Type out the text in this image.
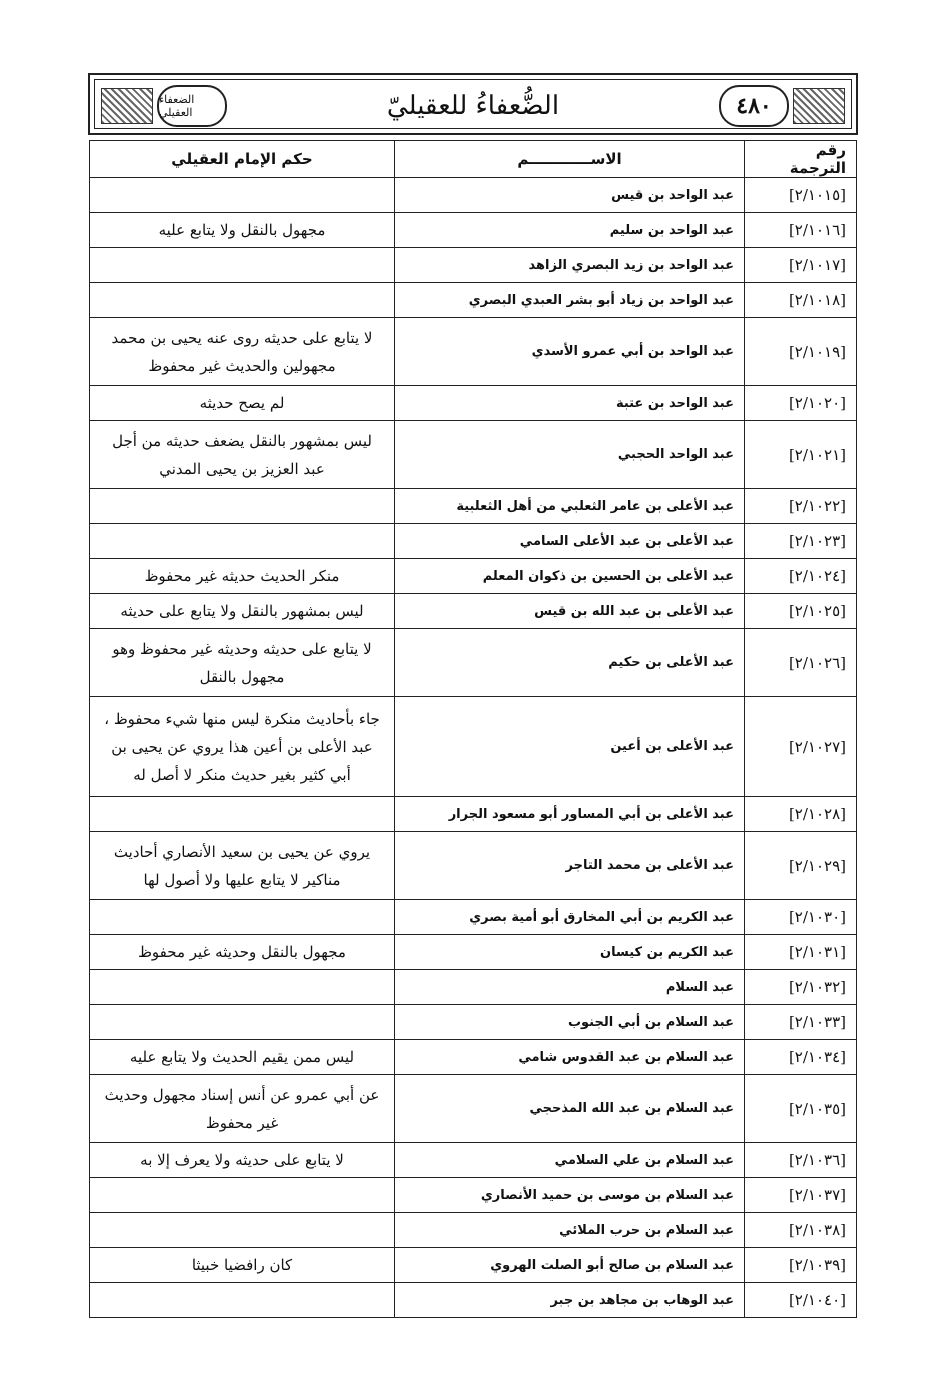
الضعفاء العقيلي	الضُّعفاءُ للعقيليّ	٤٨٠
رقم الترجمة	الاســــــــــــم	حكم الإمام العقيلي
[٢/١٠١٥]	عبد الواحد بن قيس	
[٢/١٠١٦]	عبد الواحد بن سليم	مجهول بالنقل ولا يتابع عليه
[٢/١٠١٧]	عبد الواحد بن زيد البصري الزاهد	
[٢/١٠١٨]	عبد الواحد بن زياد أبو بشر العبدي البصري	
[٢/١٠١٩]	عبد الواحد بن أبي عمرو الأسدي	لا يتابع على حديثه روى عنه يحيى بن محمد مجهولين والحديث غير محفوظ
[٢/١٠٢٠]	عبد الواحد بن عتبة	لم يصح حديثه
[٢/١٠٢١]	عبد الواحد الحجبي	ليس بمشهور بالنقل يضعف حديثه من أجل عبد العزيز بن يحيى المدني
[٢/١٠٢٢]	عبد الأعلى بن عامر الثعلبي من أهل الثعلبية	
[٢/١٠٢٣]	عبد الأعلى بن عبد الأعلى السامي	
[٢/١٠٢٤]	عبد الأعلى بن الحسين بن ذكوان المعلم	منكر الحديث حديثه غير محفوظ
[٢/١٠٢٥]	عبد الأعلى بن عبد الله بن قيس	ليس بمشهور بالنقل ولا يتابع على حديثه
[٢/١٠٢٦]	عبد الأعلى بن حكيم	لا يتابع على حديثه وحديثه غير محفوظ وهو مجهول بالنقل
[٢/١٠٢٧]	عبد الأعلى بن أعين	جاء بأحاديث منكرة ليس منها شيء محفوظ ، عبد الأعلى بن أعين هذا يروي عن يحيى بن أبي كثير بغير حديث منكر لا أصل له
[٢/١٠٢٨]	عبد الأعلى بن أبي المساور أبو مسعود الجرار	
[٢/١٠٢٩]	عبد الأعلى بن محمد التاجر	يروي عن يحيى بن سعيد الأنصاري أحاديث مناكير لا يتابع عليها ولا أصول لها
[٢/١٠٣٠]	عبد الكريم بن أبي المخارق أبو أمية بصري	
[٢/١٠٣١]	عبد الكريم بن كيسان	مجهول بالنقل وحديثه غير محفوظ
[٢/١٠٣٢]	عبد السلام	
[٢/١٠٣٣]	عبد السلام بن أبي الجنوب	
[٢/١٠٣٤]	عبد السلام بن عبد القدوس شامي	ليس ممن يقيم الحديث ولا يتابع عليه
[٢/١٠٣٥]	عبد السلام بن عبد الله المذحجي	عن أبي عمرو عن أنس إسناد مجهول وحديث غير محفوظ
[٢/١٠٣٦]	عبد السلام بن علي السلامي	لا يتابع على حديثه ولا يعرف إلا به
[٢/١٠٣٧]	عبد السلام بن موسى بن حميد الأنصاري	
[٢/١٠٣٨]	عبد السلام بن حرب الملائي	
[٢/١٠٣٩]	عبد السلام بن صالح أبو الصلت الهروي	كان رافضيا خبيثا
[٢/١٠٤٠]	عبد الوهاب بن مجاهد بن جبر	
